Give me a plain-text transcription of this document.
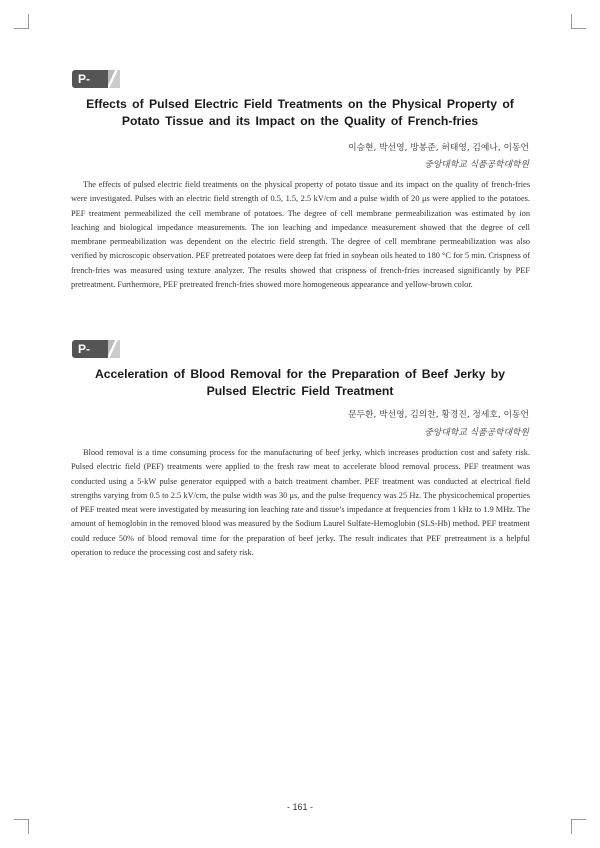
P-62
Effects of Pulsed Electric Field Treatments on the Physical Property of
Potato Tissue and its Impact on the Quality of French-fries
이승현, 박선영, 방봉준, 허태영, 김예나, 이동언
중앙대학교 식품공학대학원

The effects of pulsed electric field treatments on the physical property of potato tissue and its impact on the quality of french-fries were investigated. Pulses with an electric field strength of 0.5, 1.5, 2.5 kV/cm and a pulse width of 20 μs were applied to the potatoes. PEF treatment permeabilized the cell membrane of potatoes. The degree of cell membrane permeabilization was estimated by ion leaching and biological impedance measurements. The ion leaching and impedance measurement showed that the degree of cell membrane permeabilization was dependent on the electric field strength. The degree of cell membrane permeabilization was also verified by microscopic observation. PEF pretreated potatoes were deep fat fried in soybean oils heated to 180 °C for 5 min. Crispness of french-fries was measured using texture analyzer. The results showed that crispness of french-fries increased significantly by PEF pretreatment. Furthermore, PEF pretreated french-fries showed more homogeneous appearance and yellow-brown color.

P-63 Acceleration of Blood Removal for the Preparation of Beef Jerky by
Pulsed Electric Field Treatment
문두환, 박선영, 김의찬, 황경진, 정세호, 이동언
중앙대학교 식품공학대학원

Blood removal is a time consuming process for the manufacturing of beef jerky, which increases production cost and safety risk. Pulsed electric field (PEF) treatments were applied to the fresh raw meat to accelerate blood removal process. PEF treatment was conducted using a 5-kW pulse generator equipped with a batch treatment chamber. PEF treatment was conducted at electrical field strengths varying from 0.5 to 2.5 kV/cm, the pulse width was 30 μs, and the pulse frequency was 25 Hz. The physicochemical properties of PEF treated meat were investigated by measuring ion leaching rate and tissue’s impedance at frequencies from 1 kHz to 1.9 MHz. The amount of hemoglobin in the removed blood was measured by the Sodium Laurel Sulfate-Hemoglobin (SLS-Hb) method. PEF treatment could reduce 50% of blood removal time for the preparation of beef jerky. The result indicates that PEF pretreatment is a helpful operation to reduce the processing cost and safety risk.

- 161 -
